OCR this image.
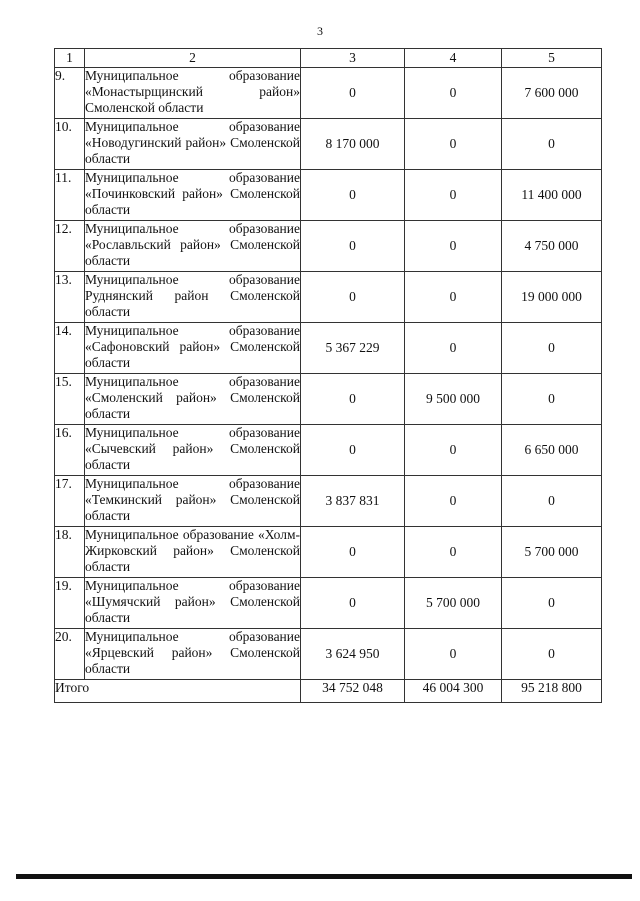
3
1	2	3	4	5
9.	Муниципальное образование «Монастырщинский район» Смоленской области	0	0	7 600 000
10.	Муниципальное образование «Новодугинский район» Смоленской области	8 170 000	0	0
11.	Муниципальное образование «Починковский район» Смоленской области	0	0	11 400 000
12.	Муниципальное образование «Рославльский район» Смоленской области	0	0	4 750 000
13.	Муниципальное образование Руднянский район Смоленской области	0	0	19 000 000
14.	Муниципальное образование «Сафоновский район» Смоленской области	5 367 229	0	0
15.	Муниципальное образование «Смоленский район» Смоленской области	0	9 500 000	0
16.	Муниципальное образование «Сычевский район» Смоленской области	0	0	6 650 000
17.	Муниципальное образование «Темкинский район» Смоленской области	3 837 831	0	0
18.	Муниципальное образование «Холм-Жирковский район» Смоленской области	0	0	5 700 000
19.	Муниципальное образование «Шумячский район» Смоленской области	0	5 700 000	0
20.	Муниципальное образование «Ярцевский район» Смоленской области	3 624 950	0	0
Итого		34 752 048	46 004 300	95 218 800
